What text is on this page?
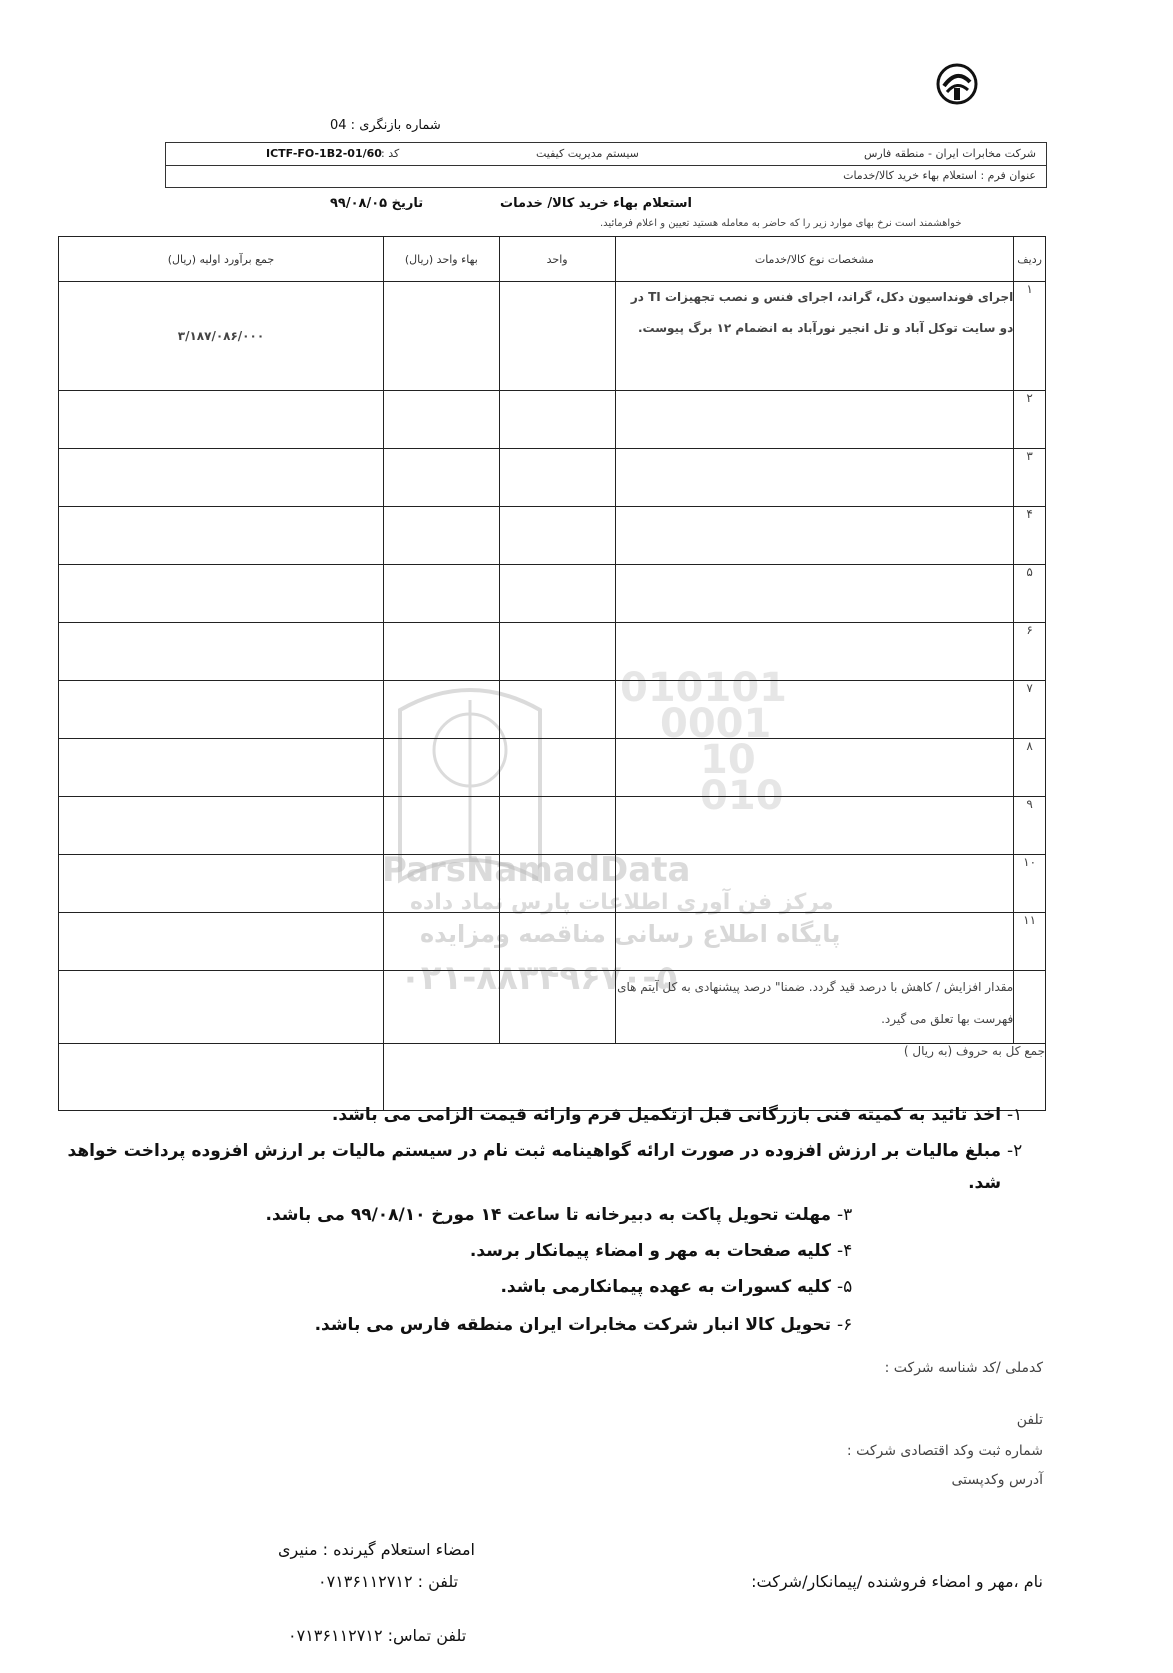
شماره بازنگری : 04
شرکت مخابرات ایران - منطقه فارس
سیستم مدیریت کیفیت
ICTF-FO-1B2-01/60 کد :
عنوان فرم : استعلام بهاء خرید کالا/خدمات
استعلام بهاء خرید کالا/ خدمات
تاریخ ۹۹/۰۸/۰۵
خواهشمند است نرخ بهای موارد زیر را که حاضر به معامله هستید تعیین و اعلام فرمائید.
010101
0001
10
010
ParsNamadData
مرکز فن آوری اطلاعات پارس نماد داده
پایگاه اطلاع رسانی مناقصه ومزایده
۰۲۱-۸۸۳۴۹۶۷۰-۵
ردیف	مشخصات نوع کالا/خدمات	واحد	بهاء واحد (ریال)	جمع برآورد اولیه (ریال)
۱	اجرای فونداسیون دکل، گراند، اجرای فنس و نصب تجهیزات TI در دو سایت توکل آباد و تل انجیر نورآباد به انضمام ۱۲ برگ پیوست.			۳/۱۸۷/۰۸۶/۰۰۰
۲				
۳				
۴				
۵				
۶				
۷				
۸				
۹				
۱۰				
۱۱				
	مقدار افزایش / کاهش با درصد قید گردد. ضمنا" درصد پیشنهادی به کل آیتم های فهرست بها تعلق می گیرد.			
جمع کل به حروف (به ریال )				
۱- اخذ تائید به کمیته فنی بازرگانی قبل ازتکمیل فرم وارائه قیمت الزامی می باشد.
۲- مبلغ مالیات بر ارزش افزوده در صورت ارائه گواهینامه ثبت نام در سیستم مالیات بر ارزش افزوده پرداخت خواهد
شد.
۳- مهلت تحویل پاکت به دبیرخانه تا ساعت ۱۴ مورخ ۹۹/۰۸/۱۰ می باشد.
۴- کلیه صفحات به مهر و امضاء پیمانکار برسد.
۵- کلیه کسورات به عهده پیمانکارمی باشد.
۶- تحویل کالا انبار شرکت مخابرات ایران منطقه فارس می باشد.
کدملی /کد شناسه شرکت :
تلفن
شماره ثبت وکد اقتصادی شرکت :
آدرس وکدپستی
امضاء استعلام گیرنده : منیری
تلفن : ۰۷۱۳۶۱۱۲۷۱۲
تلفن تماس: ۰۷۱۳۶۱۱۲۷۱۲
نام ،مهر و امضاء فروشنده /پیمانکار/شرکت:
